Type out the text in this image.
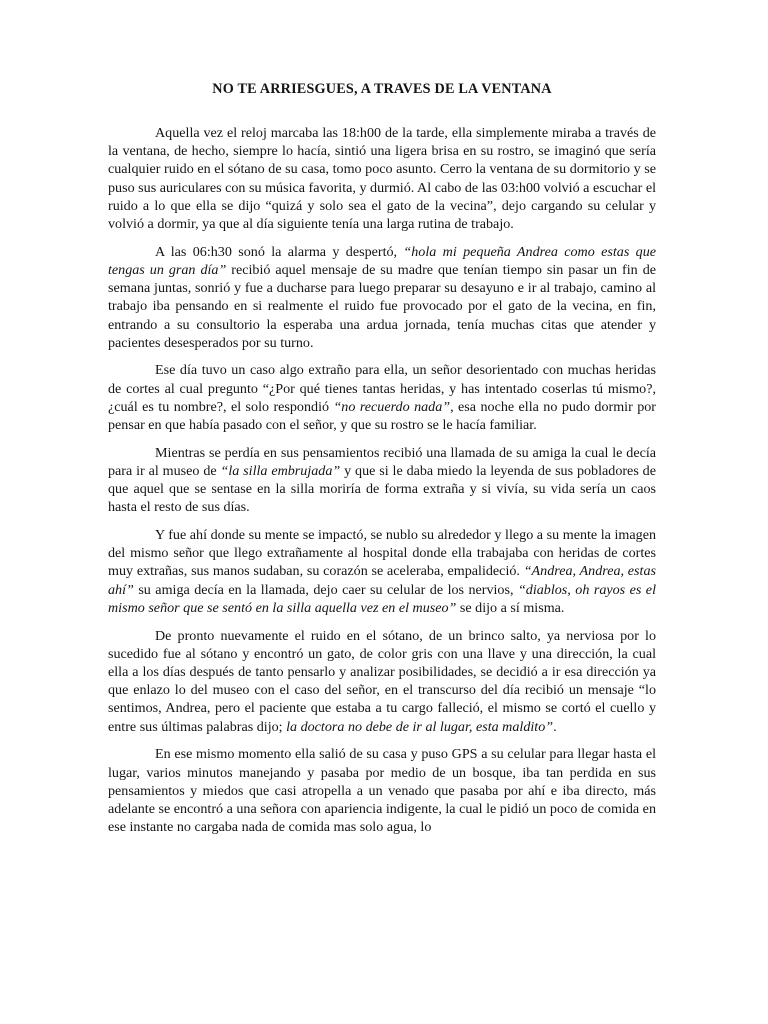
NO TE ARRIESGUES, A TRAVES DE LA VENTANA

Aquella vez el reloj marcaba las 18:h00 de la tarde, ella simplemente miraba a través de la ventana, de hecho, siempre lo hacía, sintió una ligera brisa en su rostro, se imaginó que sería cualquier ruido en el sótano de su casa, tomo poco asunto. Cerro la ventana de su dormitorio y se puso sus auriculares con su música favorita, y durmió. Al cabo de las 03:h00 volvió a escuchar el ruido a lo que ella se dijo “quizá y solo sea el gato de la vecina”, dejo cargando su celular y volvió a dormir, ya que al día siguiente tenía una larga rutina de trabajo.

A las 06:h30 sonó la alarma y despertó, “hola mi pequeña Andrea como estas que tengas un gran día” recibió aquel mensaje de su madre que tenían tiempo sin pasar un fin de semana juntas, sonrió y fue a ducharse para luego preparar su desayuno e ir al trabajo, camino al trabajo iba pensando en si realmente el ruido fue provocado por el gato de la vecina, en fin, entrando a su consultorio la esperaba una ardua jornada, tenía muchas citas que atender y pacientes desesperados por su turno.

Ese día tuvo un caso algo extraño para ella, un señor desorientado con muchas heridas de cortes al cual pregunto “¿Por qué tienes tantas heridas, y has intentado coserlas tú mismo?, ¿cuál es tu nombre?, el solo respondió “no recuerdo nada”, esa noche ella no pudo dormir por pensar en que había pasado con el señor, y que su rostro se le hacía familiar.

Mientras se perdía en sus pensamientos recibió una llamada de su amiga la cual le decía para ir al museo de “la silla embrujada” y que si le daba miedo la leyenda de sus pobladores de que aquel que se sentase en la silla moriría de forma extraña y si vivía, su vida sería un caos hasta el resto de sus días.

Y fue ahí donde su mente se impactó, se nublo su alrededor y llego a su mente la imagen del mismo señor que llego extrañamente al hospital donde ella trabajaba con heridas de cortes muy extrañas, sus manos sudaban, su corazón se aceleraba, empalideció. “Andrea, Andrea, estas ahí” su amiga decía en la llamada, dejo caer su celular de los nervios, “diablos, oh rayos es el mismo señor que se sentó en la silla aquella vez en el museo” se dijo a sí misma.

De pronto nuevamente el ruido en el sótano, de un brinco salto, ya nerviosa por lo sucedido fue al sótano y encontró un gato, de color gris con una llave y una dirección, la cual ella a los días después de tanto pensarlo y analizar posibilidades, se decidió a ir esa dirección ya que enlazo lo del museo con el caso del señor, en el transcurso del día recibió un mensaje “lo sentimos, Andrea, pero el paciente que estaba a tu cargo falleció, el mismo se cortó el cuello y entre sus últimas palabras dijo; la doctora no debe de ir al lugar, esta maldito”.

En ese mismo momento ella salió de su casa y puso GPS a su celular para llegar hasta el lugar, varios minutos manejando y pasaba por medio de un bosque, iba tan perdida en sus pensamientos y miedos que casi atropella a un venado que pasaba por ahí e iba directo, más adelante se encontró a una señora con apariencia indigente, la cual le pidió un poco de comida en ese instante no cargaba nada de comida mas solo agua, lo
